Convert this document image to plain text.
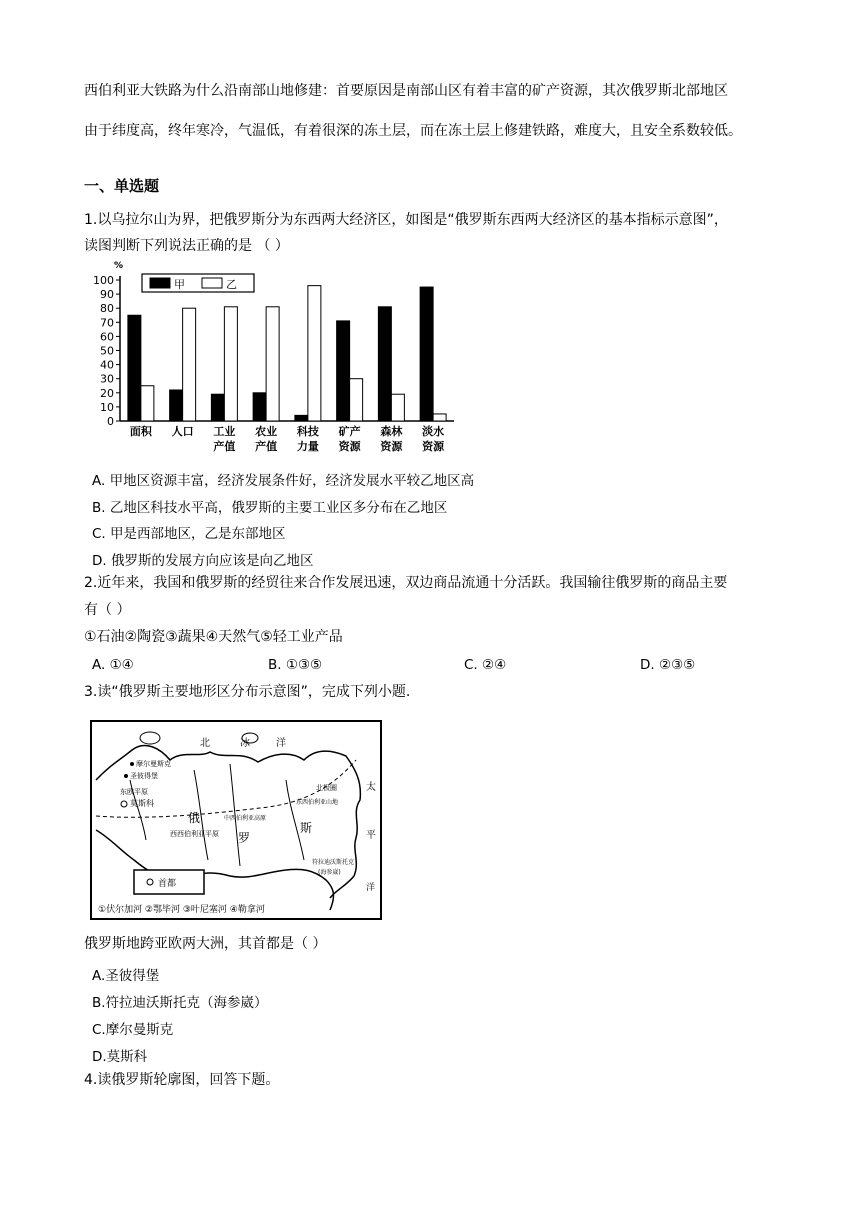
西伯利亚大铁路为什么沿南部山地修建：首要原因是南部山区有着丰富的矿产资源，其次俄罗斯北部地区
由于纬度高，终年寒冷，气温低，有着很深的冻土层，而在冻土层上修建铁路，难度大，且安全系数较低。
一、单选题
1.以乌拉尔山为界，把俄罗斯分为东西两大经济区，如图是“俄罗斯东西两大经济区的基本指标示意图”，
读图判断下列说法正确的是 （ ）
%
0
10
20
30
40
50
60
70
80
90
100
面积 人口 工业
产值
农业
产值
科技
力量
矿产
资源
森林
资源
淡水
资源
甲	乙
A. 甲地区资源丰富，经济发展条件好，经济发展水平较乙地区高
B. 乙地区科技水平高，俄罗斯的主要工业区多分布在乙地区
C. 甲是西部地区，乙是东部地区
D. 俄罗斯的发展方向应该是向乙地区
2.近年来，我国和俄罗斯的经贸往来合作发展迅速，双边商品流通十分活跃。我国输往俄罗斯的商品主要
有（ ）
①石油②陶瓷③蔬果④天然气⑤轻工业产品
A. ①④	B. ①③⑤	C. ②④	D. ②③⑤
3.读“俄罗斯主要地形区分布示意图”，完成下列小题.
北	冰	洋
太
平
洋
摩尔曼斯克
圣彼得堡
东欧平原
莫斯科
西西伯利亚平原
中西伯利亚高原
北极圈
东西伯利亚山地
符拉迪沃斯托克
(海参崴)
俄
罗
斯
首都
①伏尔加河 ②鄂毕河 ③叶尼塞河 ④勒拿河
俄罗斯地跨亚欧两大洲，其首都是（ ）
A.圣彼得堡
B.符拉迪沃斯托克（海参崴）
C.摩尔曼斯克
D.莫斯科
4.读俄罗斯轮廓图，回答下题。
